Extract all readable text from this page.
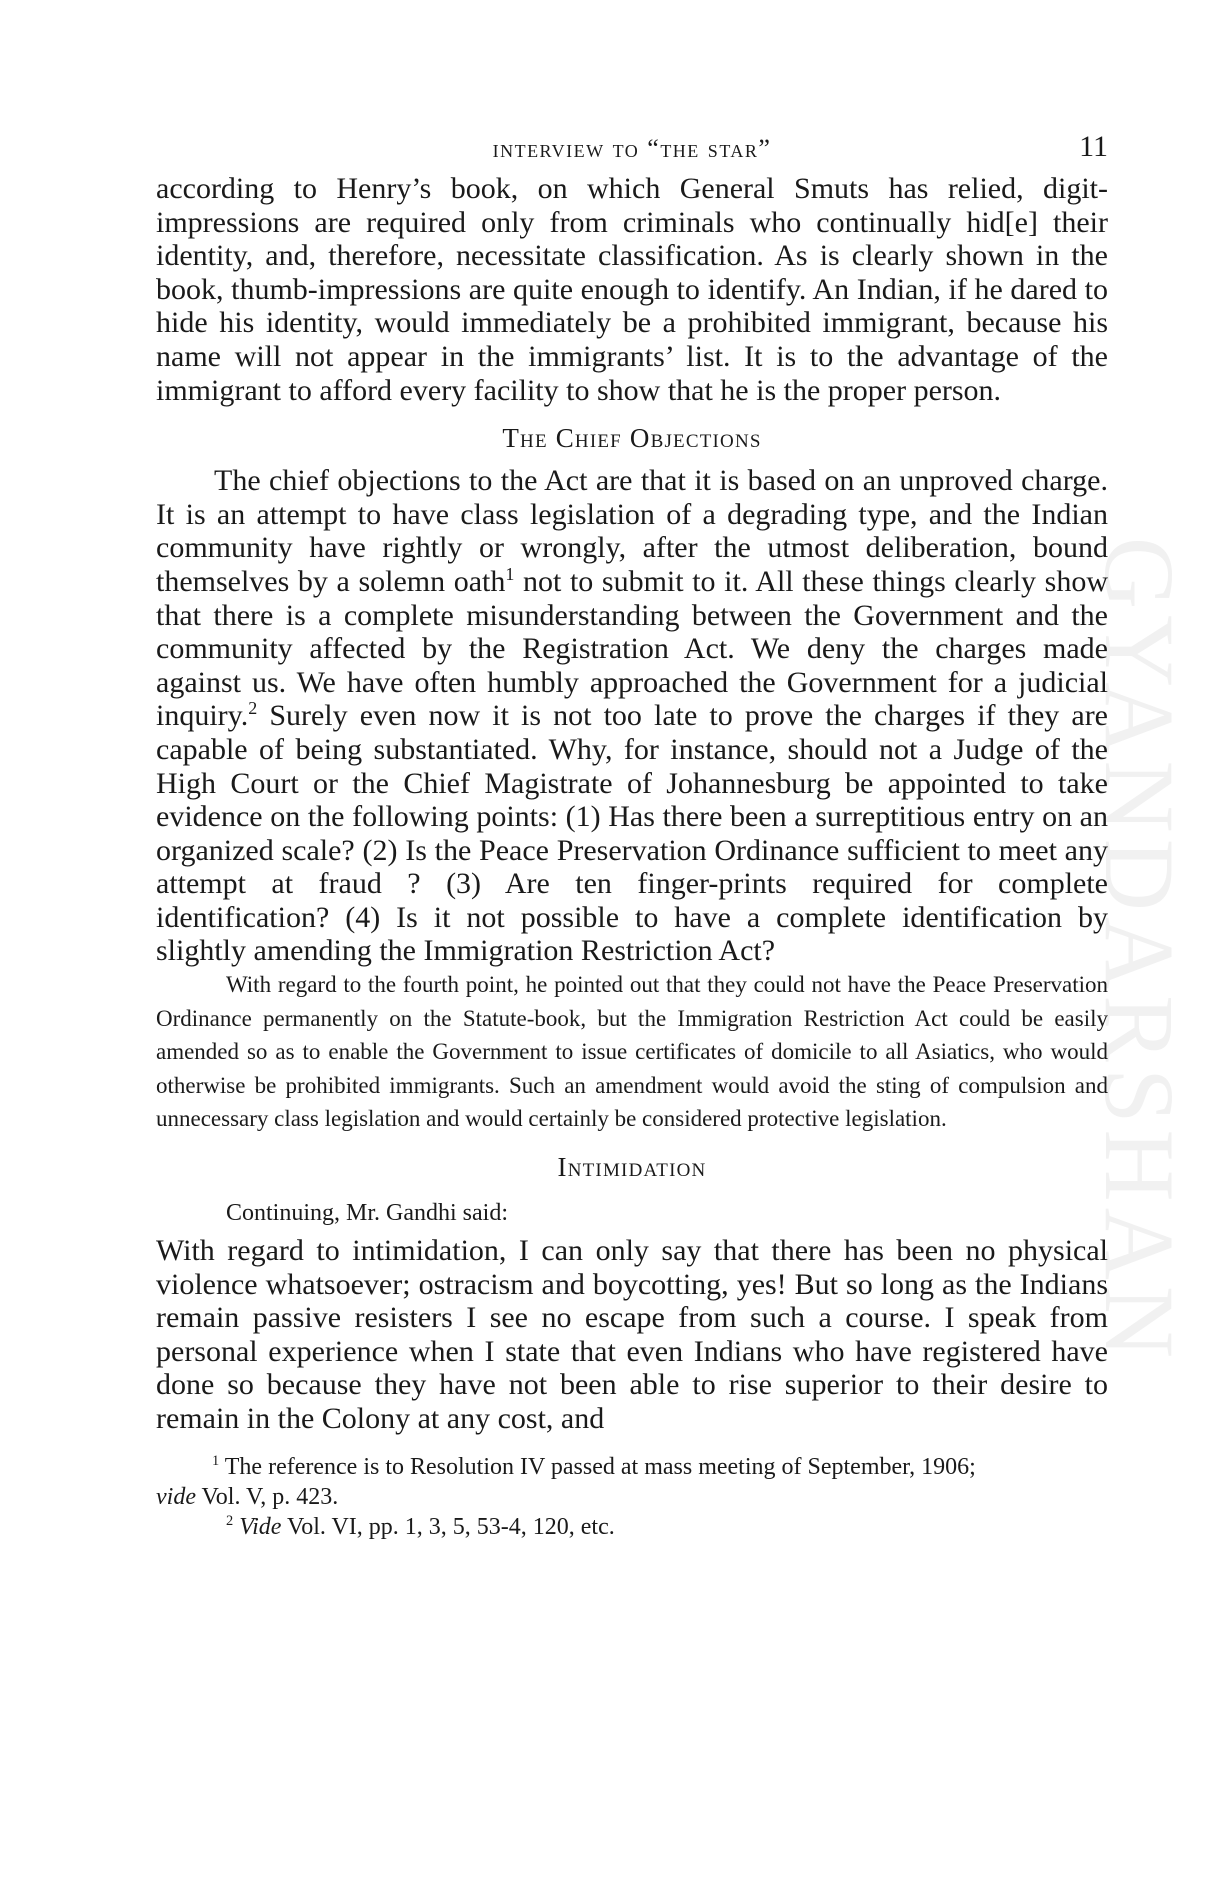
GYANDARSHAN
interview to “the star”	11

according to Henry’s book, on which General Smuts has relied, digit-impressions are required only from criminals who continually hid[e] their identity, and, therefore, necessitate classification. As is clearly shown in the book, thumb-impressions are quite enough to identify. An Indian, if he dared to hide his identity, would immediately be a prohibited immigrant, because his name will not appear in the immigrants’ list. It is to the advantage of the immigrant to afford every facility to show that he is the proper person.

The Chief Objections

The chief objections to the Act are that it is based on an unproved charge. It is an attempt to have class legislation of a degrading type, and the Indian community have rightly or wrongly, after the utmost deliberation, bound themselves by a solemn oath$^1$ not to submit to it. All these things clearly show that there is a complete misunderstanding between the Government and the community affected by the Registration Act. We deny the charges made against us. We have often humbly approached the Government for a judicial inquiry.$^2$ Surely even now it is not too late to prove the charges if they are capable of being substantiated. Why, for instance, should not a Judge of the High Court or the Chief Magistrate of Johannesburg be appointed to take evidence on the following points: (1) Has there been a surreptitious entry on an organized scale? (2) Is the Peace Preservation Ordinance sufficient to meet any attempt at fraud ? (3) Are ten finger-prints required for complete identification? (4) Is it not possible to have a complete identification by slightly amending the Immigration Restriction Act?

With regard to the fourth point, he pointed out that they could not have the Peace Preservation Ordinance permanently on the Statute-book, but the Immigration Restriction Act could be easily amended so as to enable the Government to issue certificates of domicile to all Asiatics, who would otherwise be prohibited immigrants. Such an amendment would avoid the sting of compulsion and unnecessary class legislation and would certainly be considered protective legislation.

Intimidation
Continuing, Mr. Gandhi said:

With regard to intimidation, I can only say that there has been no physical violence whatsoever; ostracism and boycotting, yes! But so long as the Indians remain passive resisters I see no escape from such a course. I speak from personal experience when I state that even Indians who have registered have done so because they have not been able to rise superior to their desire to remain in the Colony at any cost, and

$^1$ The reference is to Resolution IV passed at mass meeting of September, 1906;
vide Vol. V, p. 423.

$^2$ Vide Vol. VI, pp. 1, 3, 5, 53-4, 120, etc.
